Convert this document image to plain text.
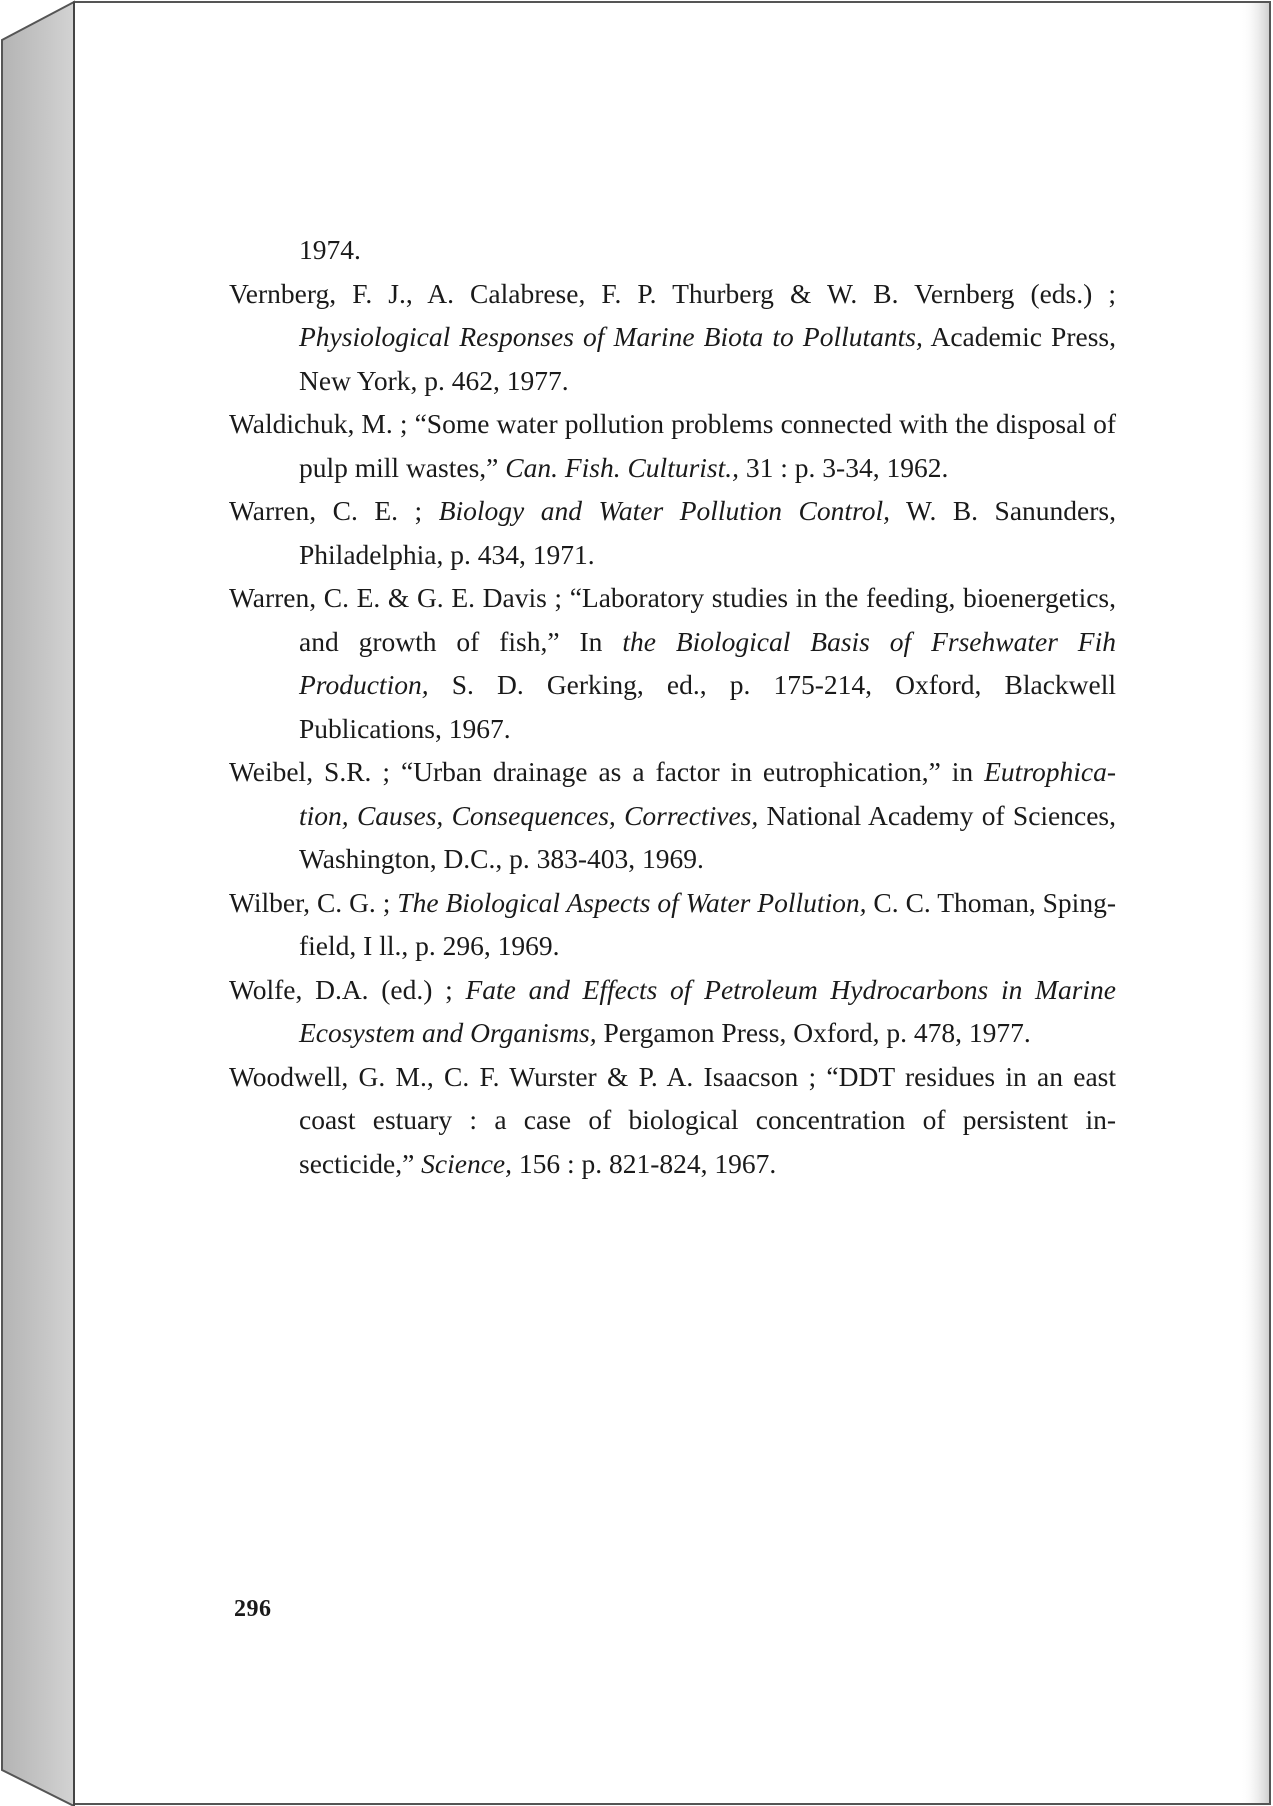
1974.

Vernberg, F. J., A. Calabrese, F. P. Thurberg & W. B. Vernberg (eds.) ; Physiological Responses of Marine Biota to Pollutants, Academic Press, New York, p. 462, 1977.

Waldichuk, M. ; “Some water pollution problems connected with the disposal of pulp mill wastes,” Can. Fish. Culturist., 31 : p. 3-34, 1962.

Warren, C. E. ; Biology and Water Pollution Control, W. B. Sanunders, Philadelphia, p. 434, 1971.

Warren, C. E. & G. E. Davis ; “Laboratory studies in the feeding, bioenergetics, and growth of fish,” In the Biological Basis of Frsehwater Fih Production, S. D. Gerking, ed., p. 175-214, Oxford, Blackwell Publications, 1967.

Weibel, S.R. ; “Urban drainage as a factor in eutrophication,” in Eutrophica-tion, Causes, Consequences, Correctives, National Academy of Sciences, Washington, D.C., p. 383-403, 1969.

Wilber, C. G. ; The Biological Aspects of Water Pollution, C. C. Thoman, Sping-field, I ll., p. 296, 1969.

Wolfe, D.A. (ed.) ; Fate and Effects of Petroleum Hydrocarbons in Marine Ecosystem and Organisms, Pergamon Press, Oxford, p. 478, 1977.

Woodwell, G. M., C. F. Wurster & P. A. Isaacson ; “DDT residues in an east coast estuary : a case of biological concentration of persistent in-secticide,” Science, 156 : p. 821-824, 1967.

296
